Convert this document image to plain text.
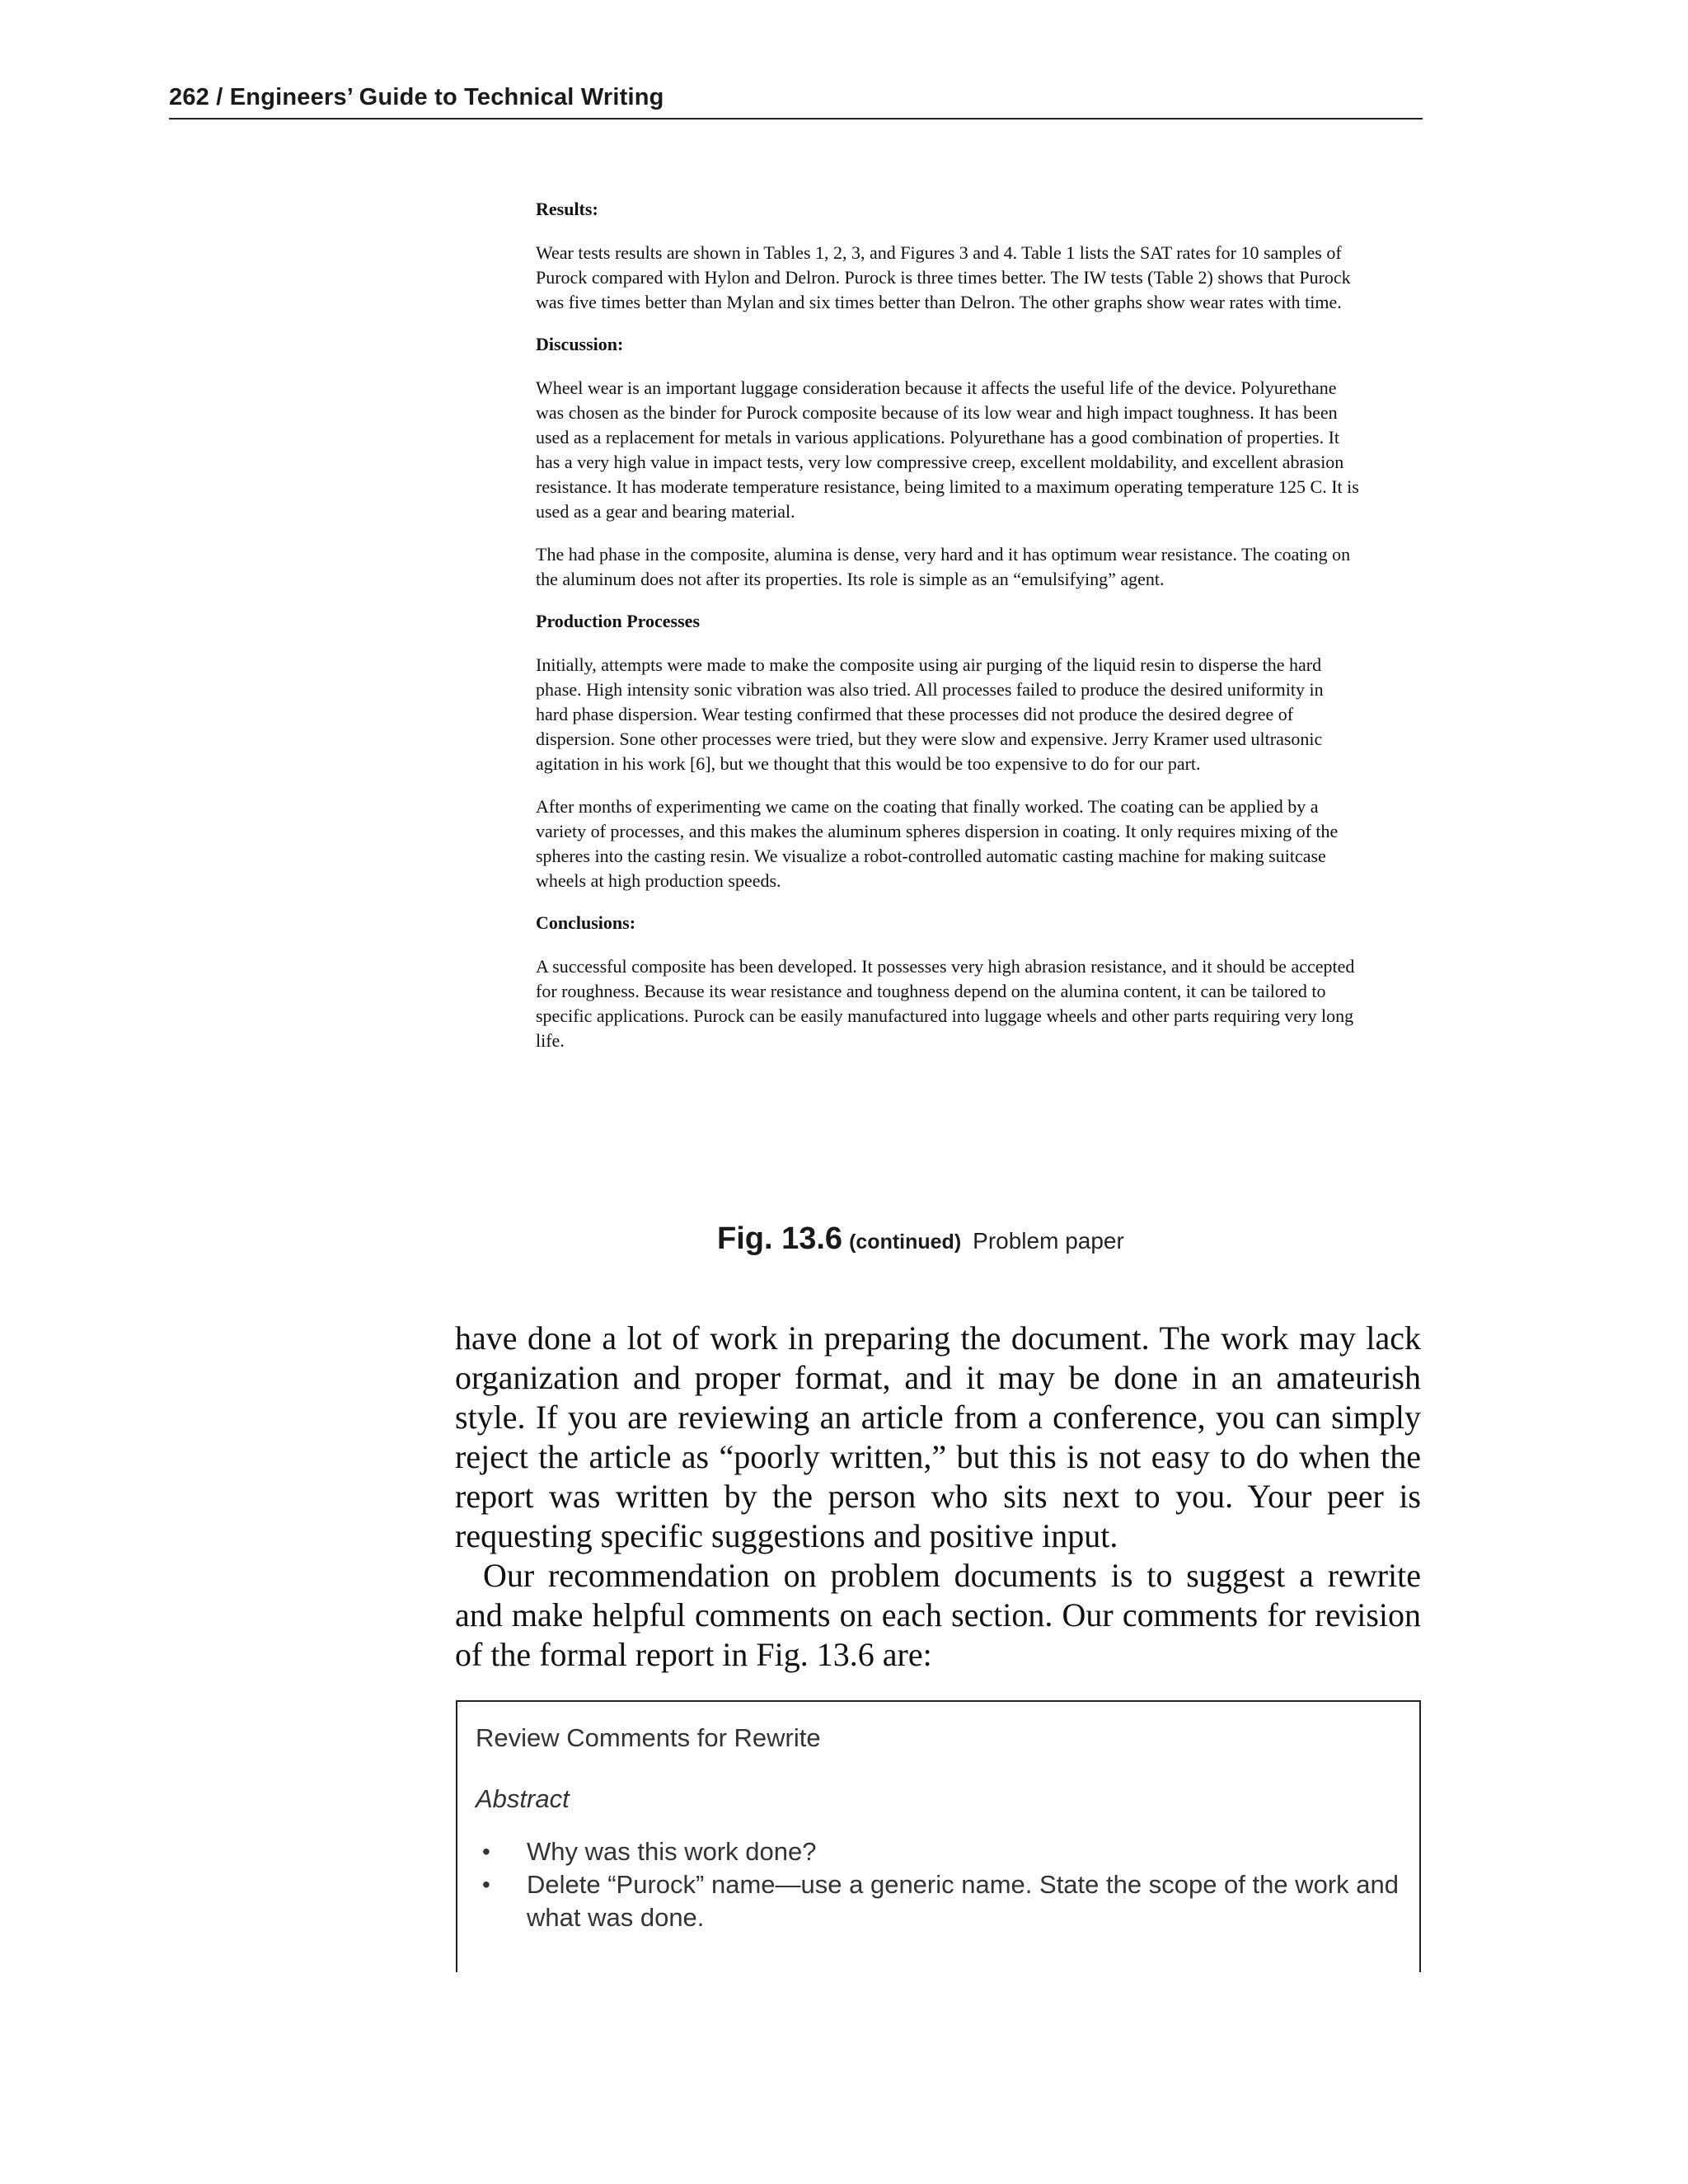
262 / Engineers’ Guide to Technical Writing
Results:

Wear tests results are shown in Tables 1, 2, 3, and Figures 3 and 4. Table 1 lists the SAT rates for 10 samples of Purock compared with Hylon and Delron. Purock is three times better. The IW tests (Table 2) shows that Purock was five times better than Mylan and six times better than Delron. The other graphs show wear rates with time.

Discussion:

Wheel wear is an important luggage consideration because it affects the useful life of the device. Polyurethane was chosen as the binder for Purock composite because of its low wear and high impact toughness. It has been used as a replacement for metals in various applications. Polyurethane has a good combination of properties. It has a very high value in impact tests, very low compressive creep, excellent moldability, and excellent abrasion resistance. It has moderate temperature resistance, being limited to a maximum operating temperature 125 C. It is used as a gear and bearing material.

The had phase in the composite, alumina is dense, very hard and it has optimum wear resistance. The coating on the aluminum does not after its properties. Its role is simple as an “emulsifying” agent.

Production Processes

Initially, attempts were made to make the composite using air purging of the liquid resin to disperse the hard phase. High intensity sonic vibration was also tried. All processes failed to produce the desired uniformity in hard phase dispersion. Wear testing confirmed that these processes did not produce the desired degree of dispersion. Sone other processes were tried, but they were slow and expensive. Jerry Kramer used ultrasonic agitation in his work [6], but we thought that this would be too expensive to do for our part.

After months of experimenting we came on the coating that finally worked. The coating can be applied by a variety of processes, and this makes the aluminum spheres dispersion in coating. It only requires mixing of the spheres into the casting resin. We visualize a robot-controlled automatic casting machine for making suitcase wheels at high production speeds.

Conclusions:

A successful composite has been developed. It possesses very high abrasion resistance, and it should be accepted for roughness. Because its wear resistance and toughness depend on the alumina content, it can be tailored to specific applications. Purock can be easily manufactured into luggage wheels and other parts requiring very long life.

Fig. 13.6 (continued) Problem paper

have done a lot of work in preparing the document. The work may lack organization and proper format, and it may be done in an amateurish style. If you are reviewing an article from a conference, you can simply reject the article as “poorly written,” but this is not easy to do when the report was written by the person who sits next to you. Your peer is requesting specific suggestions and positive input.

Our recommendation on problem documents is to suggest a rewrite and make helpful comments on each section. Our comments for revision of the formal report in Fig. 13.6 are:

Review Comments for Rewrite
Abstract
• Why was this work done?
• Delete “Purock” name—use a generic name. State the scope of the work and what was done.
